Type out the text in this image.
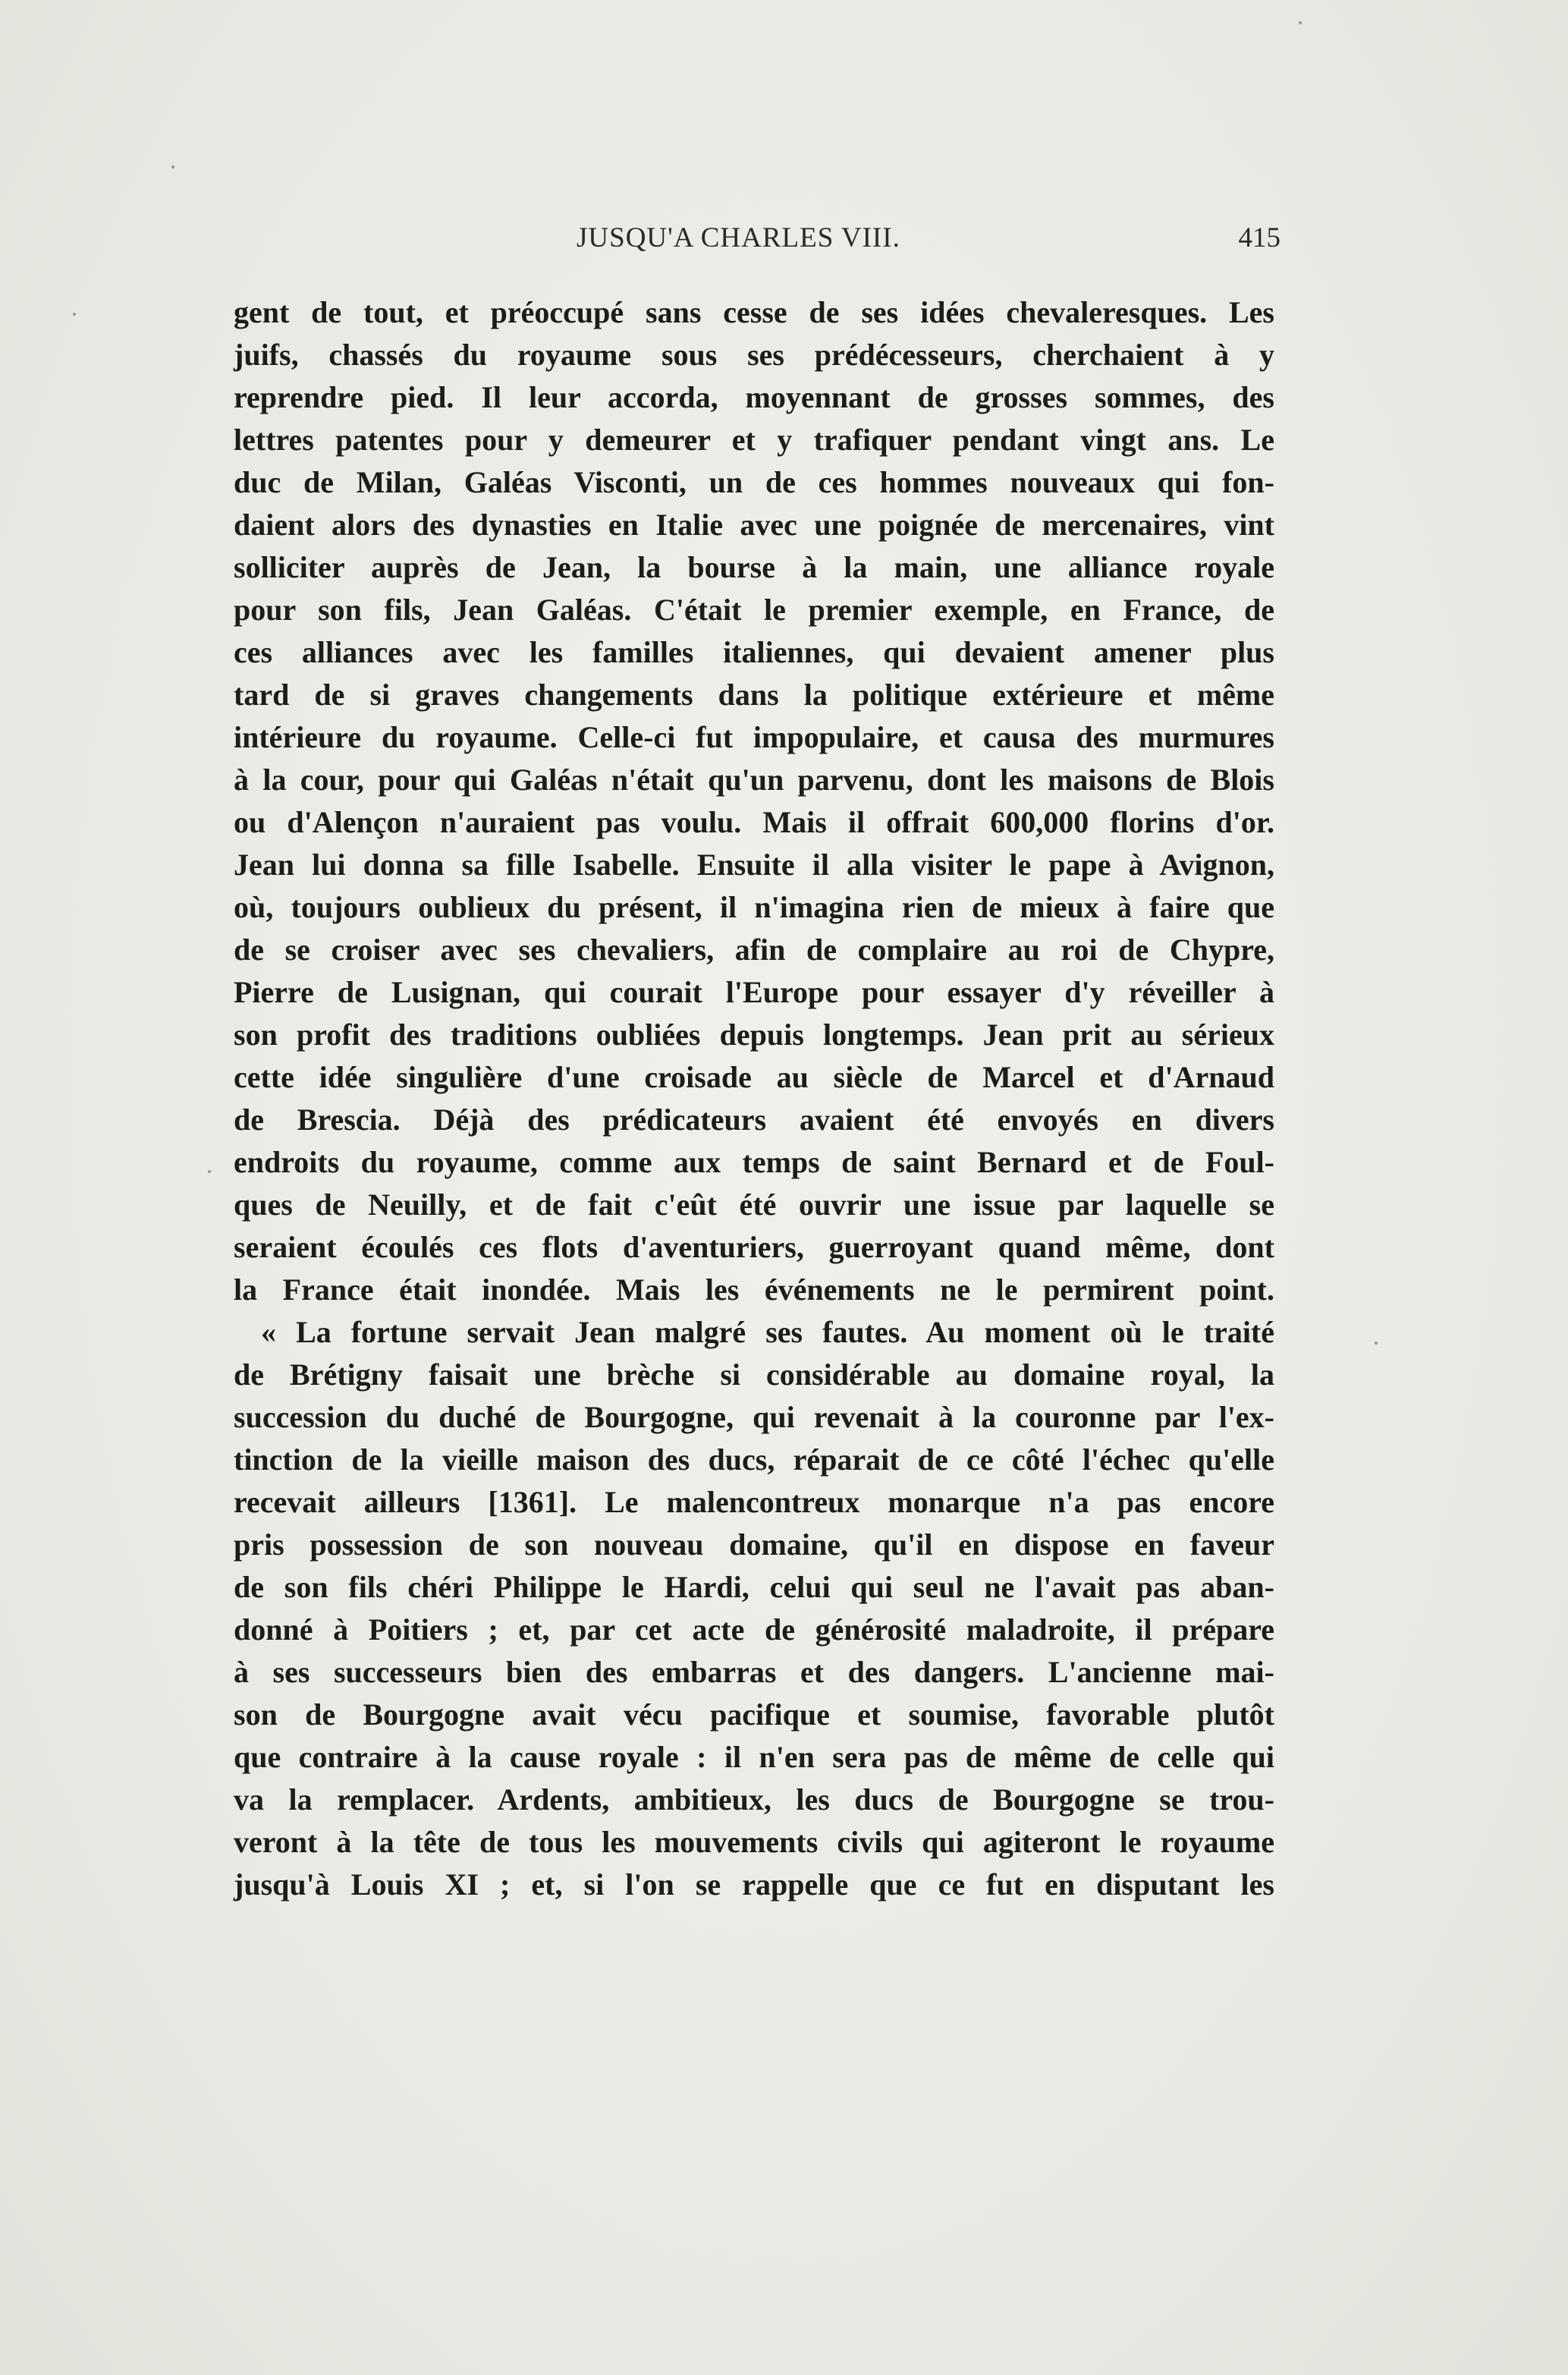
JUSQU'A CHARLES VIII.	415
gent de tout, et préoccupé sans cesse de ses idées chevaleresques. Les
juifs, chassés du royaume sous ses prédécesseurs, cherchaient à y
reprendre pied. Il leur accorda, moyennant de grosses sommes, des
lettres patentes pour y demeurer et y trafiquer pendant vingt ans. Le
duc de Milan, Galéas Visconti, un de ces hommes nouveaux qui fon-
daient alors des dynasties en Italie avec une poignée de mercenaires, vint
solliciter auprès de Jean, la bourse à la main, une alliance royale
pour son fils, Jean Galéas. C'était le premier exemple, en France, de
ces alliances avec les familles italiennes, qui devaient amener plus
tard de si graves changements dans la politique extérieure et même
intérieure du royaume. Celle-ci fut impopulaire, et causa des murmures
à la cour, pour qui Galéas n'était qu'un parvenu, dont les maisons de Blois
ou d'Alençon n'auraient pas voulu. Mais il offrait 600,000 florins d'or.
Jean lui donna sa fille Isabelle. Ensuite il alla visiter le pape à Avignon,
où, toujours oublieux du présent, il n'imagina rien de mieux à faire que
de se croiser avec ses chevaliers, afin de complaire au roi de Chypre,
Pierre de Lusignan, qui courait l'Europe pour essayer d'y réveiller à
son profit des traditions oubliées depuis longtemps. Jean prit au sérieux
cette idée singulière d'une croisade au siècle de Marcel et d'Arnaud
de Brescia. Déjà des prédicateurs avaient été envoyés en divers
endroits du royaume, comme aux temps de saint Bernard et de Foul-
ques de Neuilly, et de fait c'eût été ouvrir une issue par laquelle se
seraient écoulés ces flots d'aventuriers, guerroyant quand même, dont
la France était inondée. Mais les événements ne le permirent point.
« La fortune servait Jean malgré ses fautes. Au moment où le traité
de Brétigny faisait une brèche si considérable au domaine royal, la
succession du duché de Bourgogne, qui revenait à la couronne par l'ex-
tinction de la vieille maison des ducs, réparait de ce côté l'échec qu'elle
recevait ailleurs [1361]. Le malencontreux monarque n'a pas encore
pris possession de son nouveau domaine, qu'il en dispose en faveur
de son fils chéri Philippe le Hardi, celui qui seul ne l'avait pas aban-
donné à Poitiers ; et, par cet acte de générosité maladroite, il prépare
à ses successeurs bien des embarras et des dangers. L'ancienne mai-
son de Bourgogne avait vécu pacifique et soumise, favorable plutôt
que contraire à la cause royale : il n'en sera pas de même de celle qui
va la remplacer. Ardents, ambitieux, les ducs de Bourgogne se trou-
veront à la tête de tous les mouvements civils qui agiteront le royaume
jusqu'à Louis XI ; et, si l'on se rappelle que ce fut en disputant les
